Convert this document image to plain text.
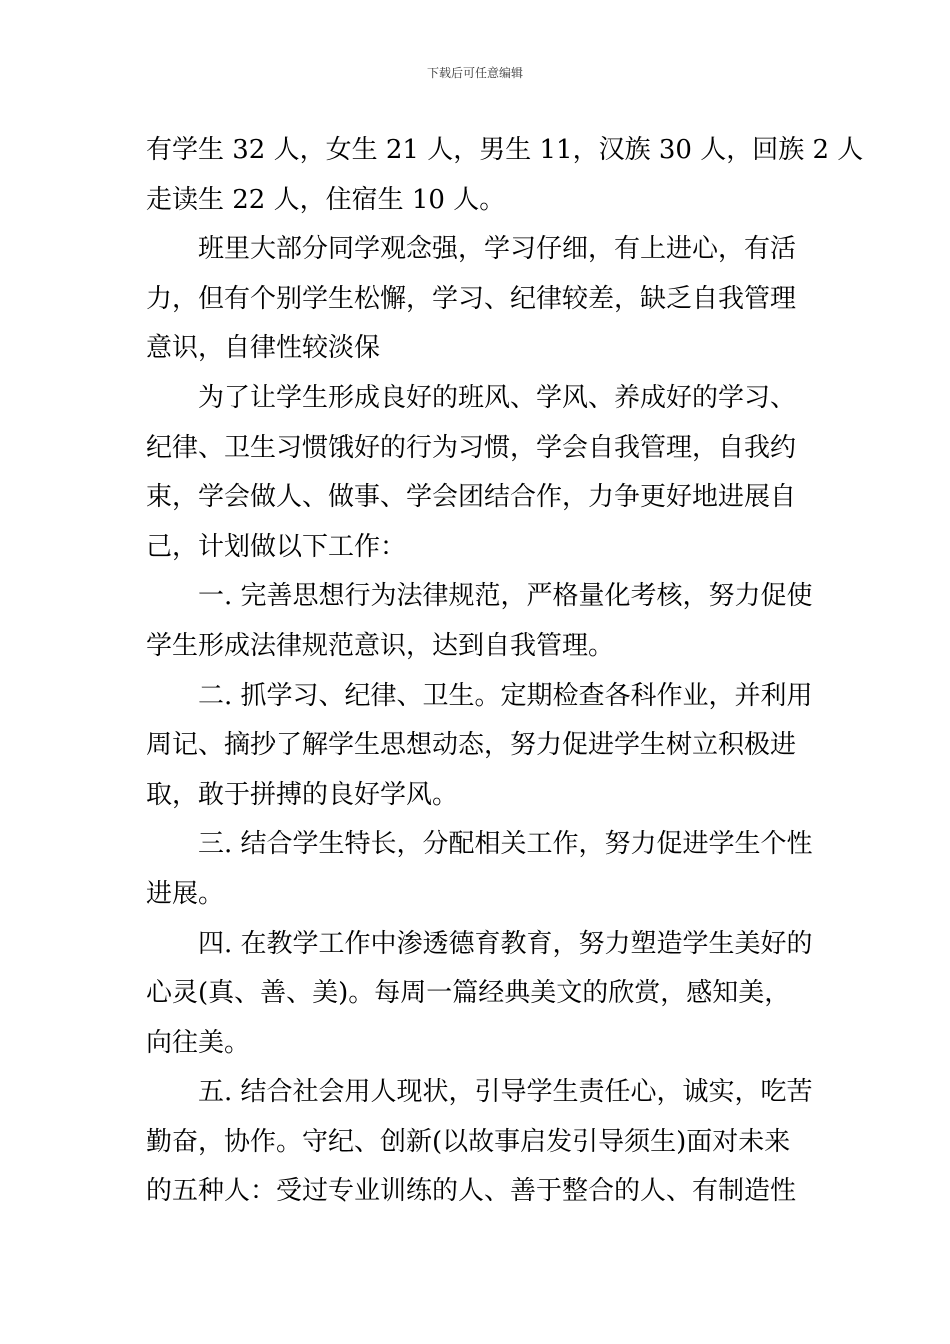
下载后可任意编辑
有学生 32 人，女生 21 人，男生 11，汉族 30 人，回族 2 人
走读生 22 人，住宿生 10 人。
班里大部分同学观念强，学习仔细，有上进心，有活
力，但有个别学生松懈，学习、纪律较差，缺乏自我管理
意识，自律性较淡保
为了让学生形成良好的班风、学风、养成好的学习、
纪律、卫生习惯饿好的行为习惯，学会自我管理，自我约
束，学会做人、做事、学会团结合作，力争更好地进展自
己，计划做以下工作：
一. 完善思想行为法律规范，严格量化考核，努力促使
学生形成法律规范意识，达到自我管理。
二. 抓学习、纪律、卫生。定期检查各科作业，并利用
周记、摘抄了解学生思想动态，努力促进学生树立积极进
取，敢于拼搏的良好学风。
三. 结合学生特长，分配相关工作，努力促进学生个性
进展。
四. 在教学工作中渗透德育教育，努力塑造学生美好的
心灵(真、善、美)。每周一篇经典美文的欣赏，感知美，
向往美。
五. 结合社会用人现状，引导学生责任心，诚实，吃苦
勤奋，协作。守纪、创新(以故事启发引导须生)面对未来
的五种人：受过专业训练的人、善于整合的人、有制造性
